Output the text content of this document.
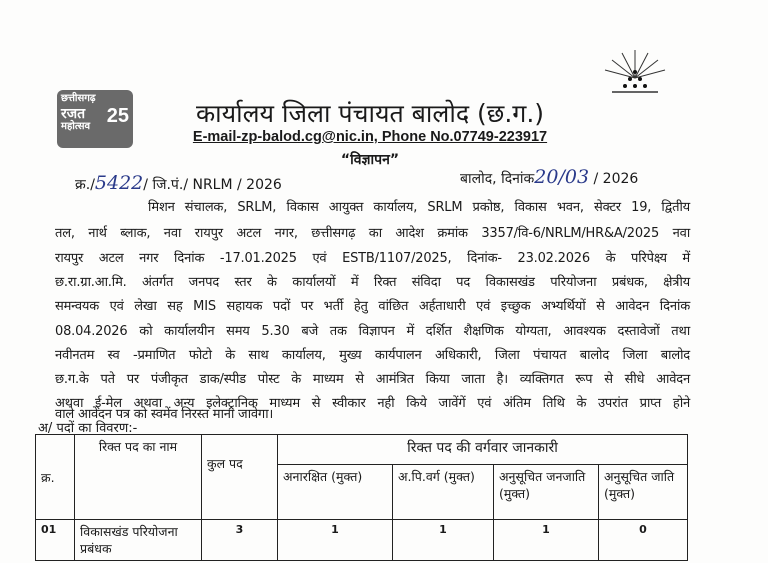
छत्तीसगढ़
रजत
महोत्सव 25	कार्यालय जिला पंचायत बालोद (छ.ग.)
E-mail-zp-balod.cg@nic.in, Phone No.07749-223917
“विज्ञापन”
क्र./5422/ जि.पं./ NRLM / 2026	बालोद, दिनांक20/03 / 2026
मिशन संचालक, SRLM, विकास आयुक्त कार्यालय, SRLM प्रकोष्ठ, विकास भवन, सेक्टर 19, द्वितीय
तल, नार्थ ब्लाक, नवा रायपुर अटल नगर, छत्तीसगढ़ का आदेश क्रमांक 3357/वि-6/NRLM/HR&A/2025 नवा
रायपुर अटल नगर दिनांक -17.01.2025 एवं ESTB/1107/2025, दिनांक- 23.02.2026 के परिपेक्ष्य में
छ.रा.ग्रा.आ.मि. अंतर्गत जनपद स्तर के कार्यालयों में रिक्त संविदा पद विकासखंड परियोजना प्रबंधक, क्षेत्रीय
समन्वयक एवं लेखा सह MIS सहायक पदों पर भर्ती हेतु वांछित अर्हताधारी एवं इच्छुक अभ्यर्थियों से आवेदन दिनांक
08.04.2026 को कार्यालयीन समय 5.30 बजे तक विज्ञापन में दर्शित शैक्षणिक योग्यता, आवश्यक दस्तावेजों तथा
नवीनतम स्व -प्रमाणित फोटो के साथ कार्यालय, मुख्य कार्यपालन अधिकारी, जिला पंचायत बालोद जिला बालोद
छ.ग.के पते पर पंजीकृत डाक/स्पीड पोस्ट के माध्यम से आमंत्रित किया जाता है। व्यक्तिगत रूप से सीधे आवेदन
अथवा ई-मेल अथवा अन्य इलेक्ट्रानिक माध्यम से स्वीकार नही किये जावेंगें एवं अंतिम तिथि के उपरांत प्राप्त होने
वाले आवेदन पत्र को स्वमेंव निरस्त माना जावेगा।
अ/ पदों का विवरण:-
क्र.	रिक्त पद का नाम	कुल पद	रिक्त पद की वर्गवार जानकारी			
			अनारक्षित (मुक्त)	अ.पि.वर्ग (मुक्त)	अनुसूचित जनजाति (मुक्त)	अनुसूचित जाति (मुक्त)
01	विकासखंड परियोजना प्रबंधक	3	1	1	1	0
